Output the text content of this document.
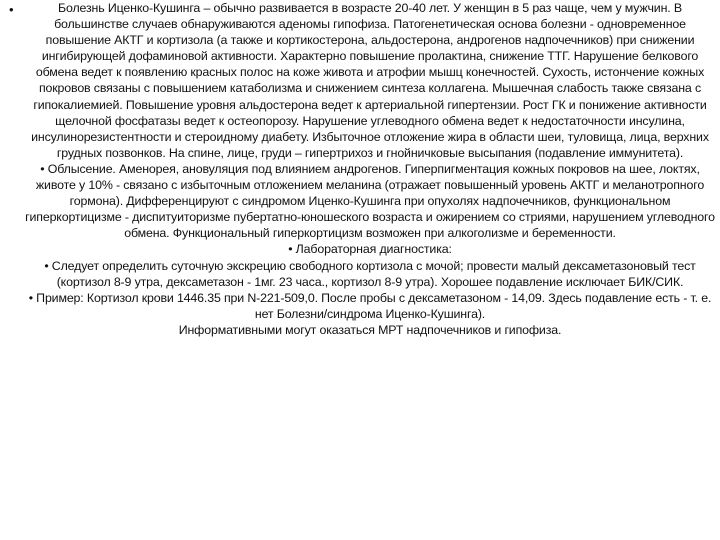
•	Болезнь Иценко-Кушинга – обычно развивается в возрасте 20-40 лет. У женщин в 5 раз чаще, чем у мужчин. В большинстве случаев обнаруживаются аденомы гипофиза. Патогенетическая основа болезни - одновременное повышение АКТГ и кортизола (а также и кортикостерона, альдостерона, андрогенов надпочечников) при снижении ингибирующей дофаминовой активности. Характерно повышение пролактина, снижение ТТГ. Нарушение белкового обмена ведет к появлению красных полос на коже живота и атрофии мышц конечностей. Сухость, истончение кожных покровов связаны с повышением катаболизма и снижением синтеза коллагена. Мышечная слабость также связана с гипокалиемией. Повышение уровня альдостерона ведет к артериальной гипертензии. Рост ГК и понижение активности щелочной фосфатазы ведет к остеопорозу. Нарушение углеводного обмена ведет к недостаточности инсулина, инсулинорезистентности и стероидному диабету. Избыточное отложение жира в области шеи, туловища, лица, верхних грудных позвонков. На спине, лице, груди – гипертрихоз и гнойничковые высыпания (подавление иммунитета).

• Облысение. Аменорея, ановуляция под влиянием андрогенов. Гиперпигментация кожных покровов на шее, локтях, животе у 10% - связано с избыточным отложением меланина (отражает повышенный уровень АКТГ и меланотропного гормона). Дифференцируют с синдромом Иценко-Кушинга при опухолях надпочечников, функциональном гиперкортицизме - диспитуиторизме пубертатно-юношеского возраста и ожирением со стриями, нарушением углеводного обмена. Функциональный гиперкортицизм возможен при алкоголизме и беременности.

• Лабораторная диагностика:

• Следует определить суточную экскрецию свободного кортизола с мочой; провести малый дексаметазоновый тест (кортизол 8-9 утра, дексаметазон - 1мг. 23 часа., кортизол 8-9 утра). Хорошее подавление исключает БИК/СИК.

• Пример: Кортизол крови 1446.35 при N-221-509,0. После пробы с дексаметазоном - 14,09. Здесь подавление есть - т. е. нет Болезни/синдрома Иценко-Кушинга).

Информативными могут оказаться МРТ надпочечников и гипофиза.
